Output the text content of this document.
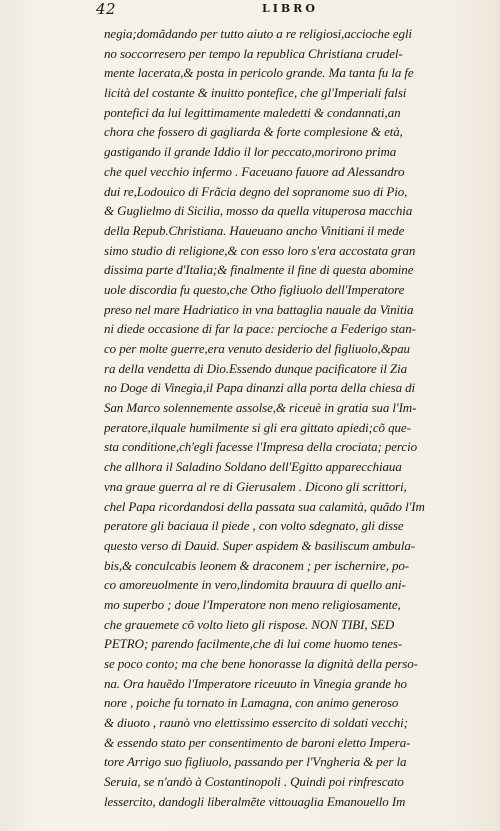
42	LIBRO
negia;domãdando per tutto aiuto a re religiosi,accioche egli
no soccorresero per tempo la republica Christiana crudel-
mente lacerata,& posta in pericolo grande. Ma tanta fu la fe
licità del costante & inuitto pontefice, che gl'Imperiali falsi
pontefici da lui legittimamente maledetti & condannati,an
chora che fossero di gagliarda & forte complesione & età,
gastigando il grande Iddio il lor peccato,morirono prima
che quel vecchio infermo . Faceuano fauore ad Alessandro
dui re,Lodouico di Frãcia degno del sopranome suo di Pio,
& Guglielmo di Sicilia, mosso da quella vituperosa macchia
della Repub.Christiana. Haueuano ancho Vinitiani il mede
simo studio di religione,& con esso loro s'era accostata gran
dissima parte d'Italia;& finalmente il fine di questa abomine
uole discordia fu questo,che Otho figliuolo dell'Imperatore
preso nel mare Hadriatico in vna battaglia nauale da Vinitia
ni diede occasione di far la pace: percioche a Federigo stan-
co per molte guerre,era venuto desiderio del figliuolo,&pau
ra della vendetta di Dio.Essendo dunque pacificatore il Zia
no Doge di Vinegia,il Papa dinanzi alla porta della chiesa di
San Marco solennemente assolse,& riceuè in gratia sua l'Im-
peratore,ilquale humilmente si gli era gittato apiedi;cõ que-
sta conditione,ch'egli facesse l'Impresa della crociata; percio
che allhora il Saladino Soldano dell'Egitto apparecchiaua
vna graue guerra al re di Gierusalem . Dicono gli scrittori,
chel Papa ricordandosi della passata sua calamità, quãdo l'Im
peratore gli baciaua il piede , con volto sdegnato, gli disse
questo verso di Dauid. Super aspidem & basiliscum ambula-
bis,& conculcabis leonem & draconem ; per ischernire, po-
co amoreuolmente in vero,lindomita brauura di quello ani-
mo superbo ; doue l'Imperatore non meno religiosamente,
che grauemete cõ volto lieto gli rispose. NON TIBI, SED
PETRO; parendo facilmente,che di lui come huomo tenes-
se poco conto; ma che bene honorasse la dignità della perso-
na. Ora hauẽdo l'Imperatore riceuuto in Vinegia grande ho
nore , poiche fu tornato in Lamagna, con animo generoso
& diuoto , raunò vno elettissimo essercito di soldati vecchi;
& essendo stato per consentimento de baroni eletto Impera-
tore Arrigo suo figliuolo, passando per l'Vngheria & per la
Seruia, se n'andò à Costantinopoli . Quindi poi rinfrescato
lessercito, dandogli liberalmẽte vittouaglia Emanouello Im
